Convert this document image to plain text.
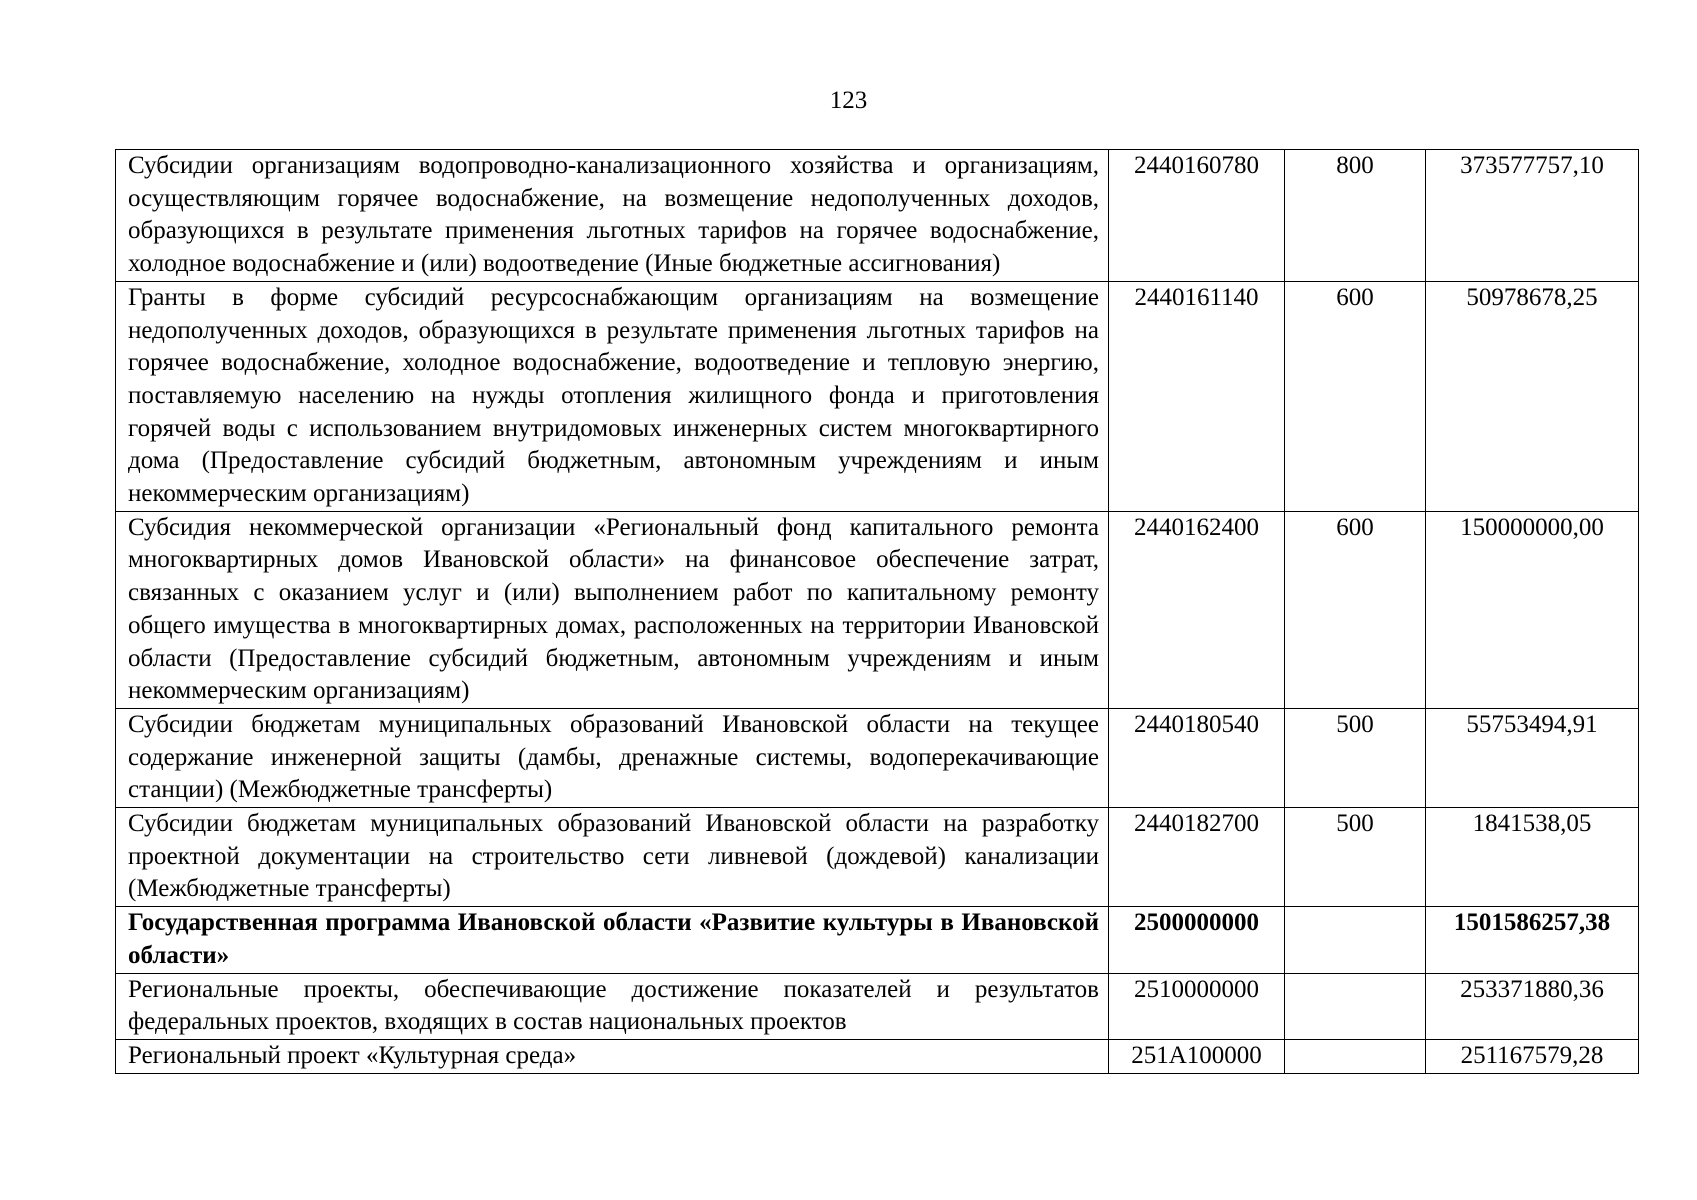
123
Субсидии организациям водопроводно-канализационного хозяйства и организациям, осуществляющим горячее водоснабжение, на возмещение недополученных доходов, образующихся в результате применения льготных тарифов на горячее водоснабжение, холодное водоснабжение и (или) водоотведение (Иные бюджетные ассигнования)	2440160780	800	373577757,10
Гранты в форме субсидий ресурсоснабжающим организациям на возмещение недополученных доходов, образующихся в результате применения льготных тарифов на горячее водоснабжение, холодное водоснабжение, водоотведение и тепловую энергию, поставляемую населению на нужды отопления жилищного фонда и приготовления горячей воды с использованием внутридомовых инженерных систем многоквартирного дома (Предоставление субсидий бюджетным, автономным учреждениям и иным некоммерческим организациям)	2440161140	600	50978678,25
Субсидия некоммерческой организации «Региональный фонд капитального ремонта многоквартирных домов Ивановской области» на финансовое обеспечение затрат, связанных с оказанием услуг и (или) выполнением работ по капитальному ремонту общего имущества в многоквартирных домах, расположенных на территории Ивановской области (Предоставление субсидий бюджетным, автономным учреждениям и иным некоммерческим организациям)	2440162400	600	150000000,00
Субсидии бюджетам муниципальных образований Ивановской области на текущее содержание инженерной защиты (дамбы, дренажные системы, водоперекачивающие станции) (Межбюджетные трансферты)	2440180540	500	55753494,91
Субсидии бюджетам муниципальных образований Ивановской области на разработку проектной документации на строительство сети ливневой (дождевой) канализации (Межбюджетные трансферты)	2440182700	500	1841538,05
Государственная программа Ивановской области «Развитие культуры в Ивановской области»	2500000000		1501586257,38
Региональные проекты, обеспечивающие достижение показателей и результатов федеральных проектов, входящих в состав национальных проектов	2510000000		253371880,36
Региональный проект «Культурная среда»	251А100000		251167579,28
